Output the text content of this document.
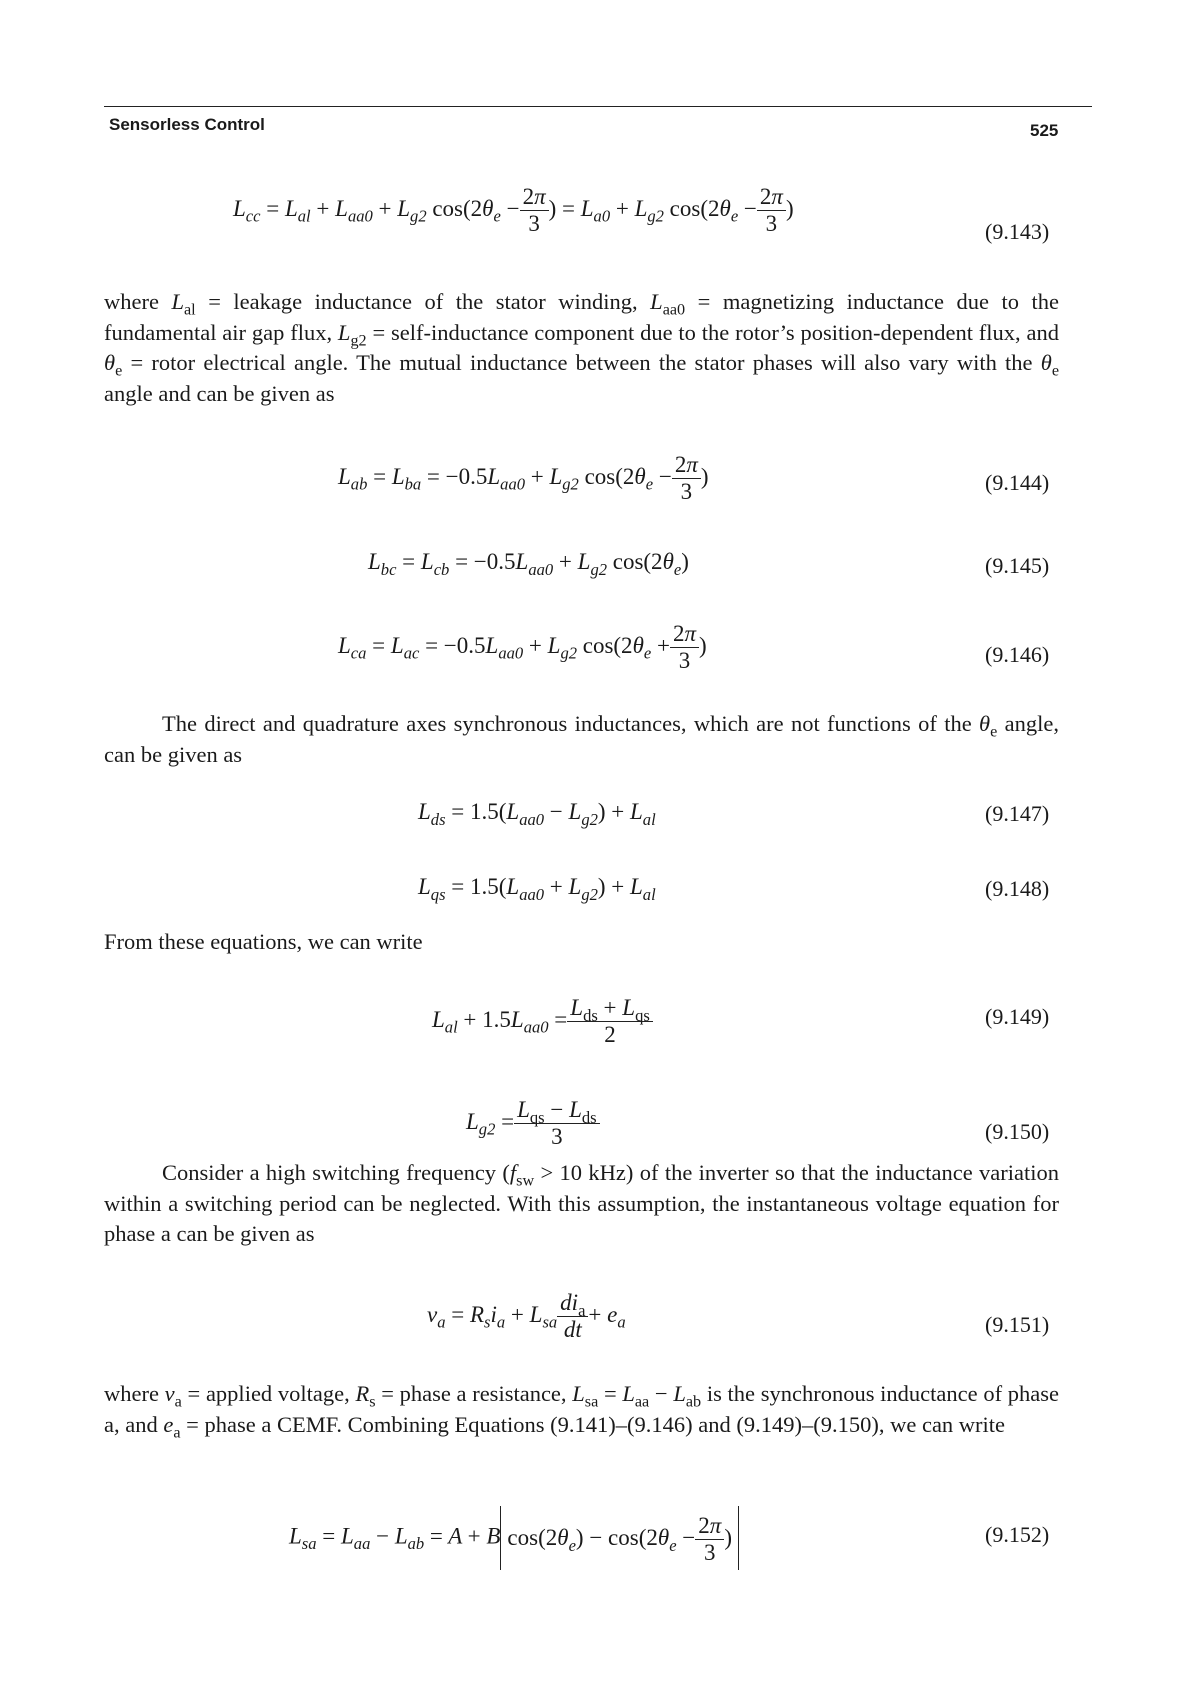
Sensorless Control	525
$L_{cc} = L_{al} + L_{aa0} + L_{g2}$ $\cos(2\theta_e - \frac{2\pi}{3}$ ) = $L_{a0} + L_{g2}$ $\cos(2\theta_e - \frac{2\pi}{3}$ )
(9.143)
where $L_{al}$ = leakage inductance of the stator winding, $L_{aa0}$ = magnetizing inductance due to the fundamental air gap flux, $L_{g2}$ = self-inductance component due to the rotor’s position-dependent flux, and $\theta_e$ = rotor electrical angle. The mutual inductance between the stator phases will also vary with the $\theta_e$ angle and can be given as
$L_{ab} = L_{ba} = -0.5L_{aa0} + L_{g2}$ $\cos(2\theta_e - \frac{2\pi}{3}$ )	(9.144)
$L_{bc} = L_{cb} = -0.5L_{aa0} + L_{g2}$ $\cos(2\theta_e)$	(9.145)
$L_{ca} = L_{ac} = -0.5L_{aa0} + L_{g2}$ $\cos(2\theta_e + \frac{2\pi}{3}$ )	(9.146)
The direct and quadrature axes synchronous inductances, which are not functions of the $\theta_e$ angle, can be given as
$L_{ds} = 1.5(L_{aa0} - L_{g2}) + L_{al}$	(9.147)
$L_{qs} = 1.5(L_{aa0} + L_{g2}) + L_{al}$	(9.148)
From these equations, we can write
$L_{al} + 1.5L_{aa0} = \frac{L_{ds} + L_{qs}}{2}$	(9.149)
$L_{g2} = \frac{L_{qs} - L_{ds}}{3}$	(9.150)
Consider a high switching frequency ($f_{sw} > 10$ kHz) of the inverter so that the inductance variation within a switching period can be neglected. With this assumption, the instantaneous voltage equation for phase a can be given as
$v_a = R_si_a + L_{sa} \frac{di_a}{dt} + e_a$	(9.151)
where $v_a$ = applied voltage, $R_s$ = phase a resistance, $L_{sa} = L_{aa} - L_{ab}$ is the synchronous inductance of phase a, and $e_a$ = phase a CEMF. Combining Equations (9.141)–(9.146) and (9.149)–(9.150), we can write
$L_{sa} = L_{aa} - L_{ab} = A + B$ $\cos(2\theta_e) - \cos(2\theta_e - \frac{2\pi}{3}$ )	(9.152)
